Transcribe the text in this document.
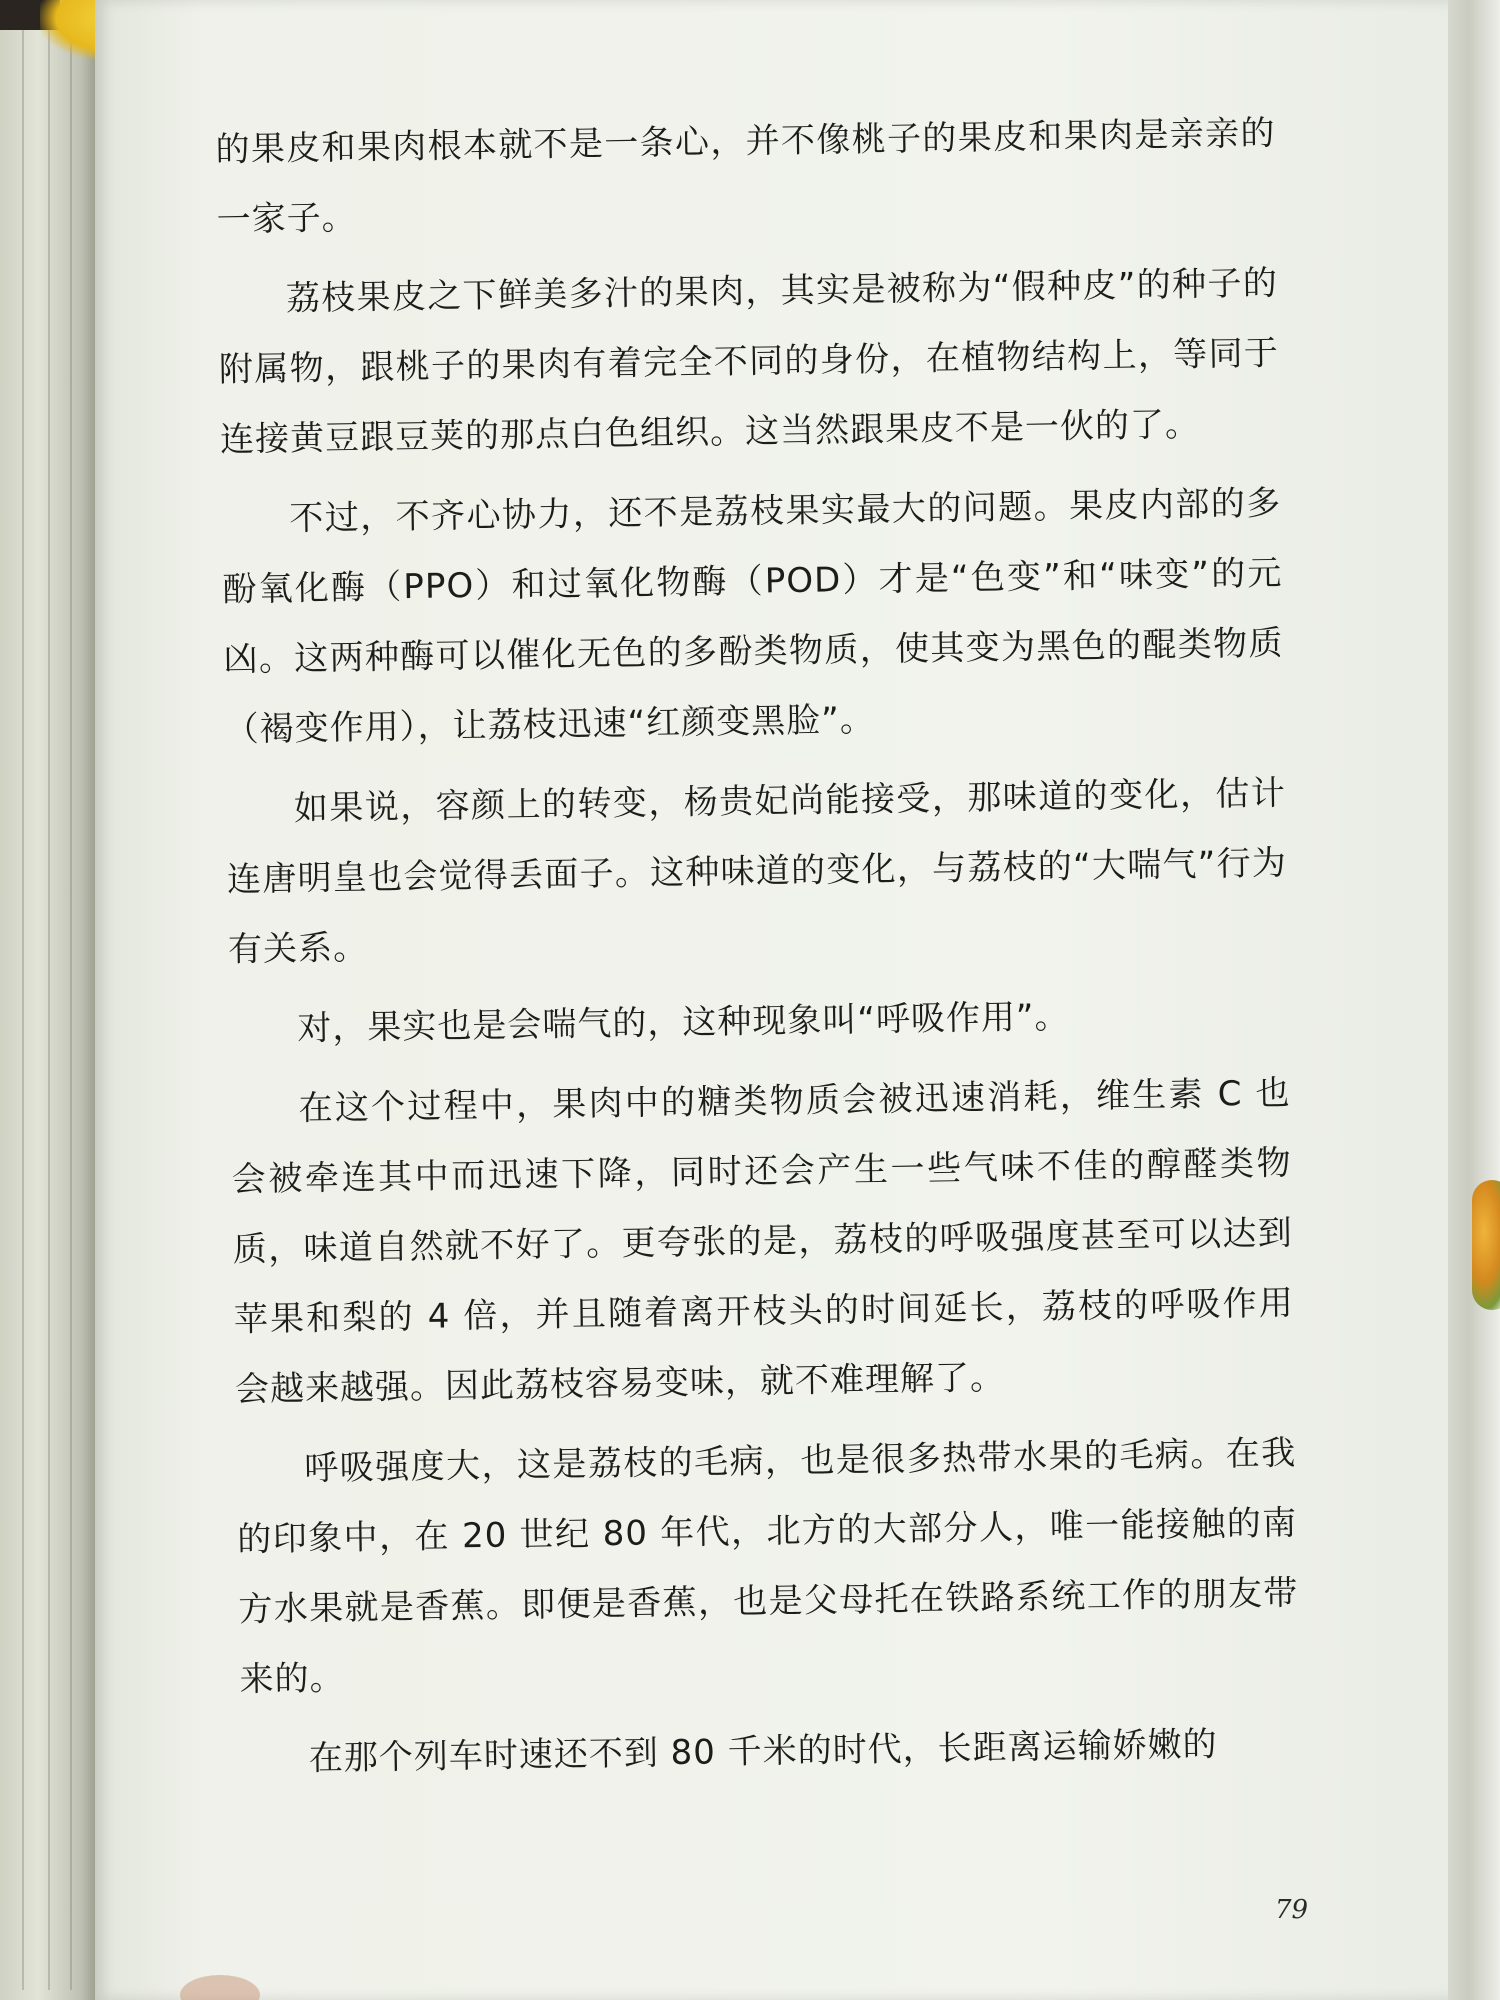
的果皮和果肉根本就不是一条心，并不像桃子的果皮和果肉是亲亲的一家子。

荔枝果皮之下鲜美多汁的果肉，其实是被称为“假种皮”的种子的附属物，跟桃子的果肉有着完全不同的身份，在植物结构上，等同于连接黄豆跟豆荚的那点白色组织。这当然跟果皮不是一伙的了。

不过，不齐心协力，还不是荔枝果实最大的问题。果皮内部的多酚氧化酶（PPO）和过氧化物酶（POD）才是“色变”和“味变”的元凶。这两种酶可以催化无色的多酚类物质，使其变为黑色的醌类物质（褐变作用），让荔枝迅速“红颜变黑脸”。

如果说，容颜上的转变，杨贵妃尚能接受，那味道的变化，估计连唐明皇也会觉得丢面子。这种味道的变化，与荔枝的“大喘气”行为有关系。

对，果实也是会喘气的，这种现象叫“呼吸作用”。

在这个过程中，果肉中的糖类物质会被迅速消耗，维生素 C 也会被牵连其中而迅速下降，同时还会产生一些气味不佳的醇醛类物质，味道自然就不好了。更夸张的是，荔枝的呼吸强度甚至可以达到苹果和梨的 4 倍，并且随着离开枝头的时间延长，荔枝的呼吸作用会越来越强。因此荔枝容易变味，就不难理解了。

呼吸强度大，这是荔枝的毛病，也是很多热带水果的毛病。在我的印象中，在 20 世纪 80 年代，北方的大部分人，唯一能接触的南方水果就是香蕉。即便是香蕉，也是父母托在铁路系统工作的朋友带来的。

在那个列车时速还不到 80 千米的时代，长距离运输娇嫩的

79
